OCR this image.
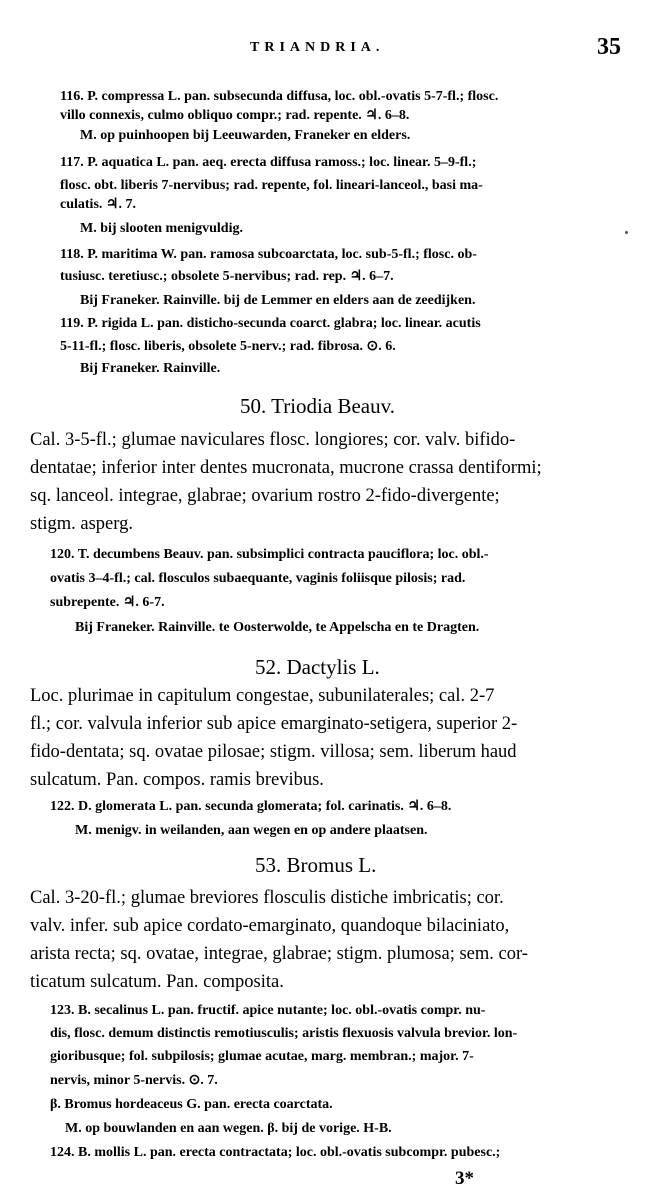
TRIANDRIA.	35
116. P. compressa L. pan. subsecunda diffusa, loc. obl.-ovatis 5-7-fl.; flosc.
villo connexis, culmo obliquo compr.; rad. repente. ♃. 6–8.
M. op puinhoopen bij Leeuwarden, Franeker en elders.
117. P. aquatica L. pan. aeq. erecta diffusa ramoss.; loc. linear. 5–9-fl.;
flosc. obt. liberis 7-nervibus; rad. repente, fol. lineari-lanceol., basi ma-
culatis. ♃. 7.
M. bij slooten menigvuldig.
118. P. maritima W. pan. ramosa subcoarctata, loc. sub-5-fl.; flosc. ob-
tusiusc. teretiusc.; obsolete 5-nervibus; rad. rep. ♃. 6–7.
Bij Franeker. Rainville. bij de Lemmer en elders aan de zeedijken.
119. P. rigida L. pan. disticho-secunda coarct. glabra; loc. linear. acutis
5-11-fl.; flosc. liberis, obsolete 5-nerv.; rad. fibrosa. ⊙. 6.
Bij Franeker. Rainville.
50. Triodia Beauv.
Cal. 3-5-fl.; glumae naviculares flosc. longiores; cor. valv. bifido-
dentatae; inferior inter dentes mucronata, mucrone crassa dentiformi;
sq. lanceol. integrae, glabrae; ovarium rostro 2-fido-divergente;
stigm. asperg.
120. T. decumbens Beauv. pan. subsimplici contracta pauciflora; loc. obl.-
ovatis 3–4-fl.; cal. flosculos subaequante, vaginis foliisque pilosis; rad.
subrepente. ♃. 6-7.
Bij Franeker. Rainville. te Oosterwolde, te Appelscha en te Dragten.
52. Dactylis L.
Loc. plurimae in capitulum congestae, subunilaterales; cal. 2-7
fl.; cor. valvula inferior sub apice emarginato-setigera, superior 2-
fido-dentata; sq. ovatae pilosae; stigm. villosa; sem. liberum haud
sulcatum. Pan. compos. ramis brevibus.
122. D. glomerata L. pan. secunda glomerata; fol. carinatis. ♃. 6–8.
M. menigv. in weilanden, aan wegen en op andere plaatsen.
53. Bromus L.
Cal. 3-20-fl.; glumae breviores flosculis distiche imbricatis; cor.
valv. infer. sub apice cordato-emarginato, quandoque bilaciniato,
arista recta; sq. ovatae, integrae, glabrae; stigm. plumosa; sem. cor-
ticatum sulcatum. Pan. composita.
123. B. secalinus L. pan. fructif. apice nutante; loc. obl.-ovatis compr. nu-
dis, flosc. demum distinctis remotiusculis; aristis flexuosis valvula brevior. lon-
gioribusque; fol. subpilosis; glumae acutae, marg. membran.; major. 7-
nervis, minor 5-nervis. ⊙. 7.
β. Bromus hordeaceus G. pan. erecta coarctata.
M. op bouwlanden en aan wegen. β. bij de vorige. H-B.
124. B. mollis L. pan. erecta contractata; loc. obl.-ovatis subcompr. pubesc.;
3*
